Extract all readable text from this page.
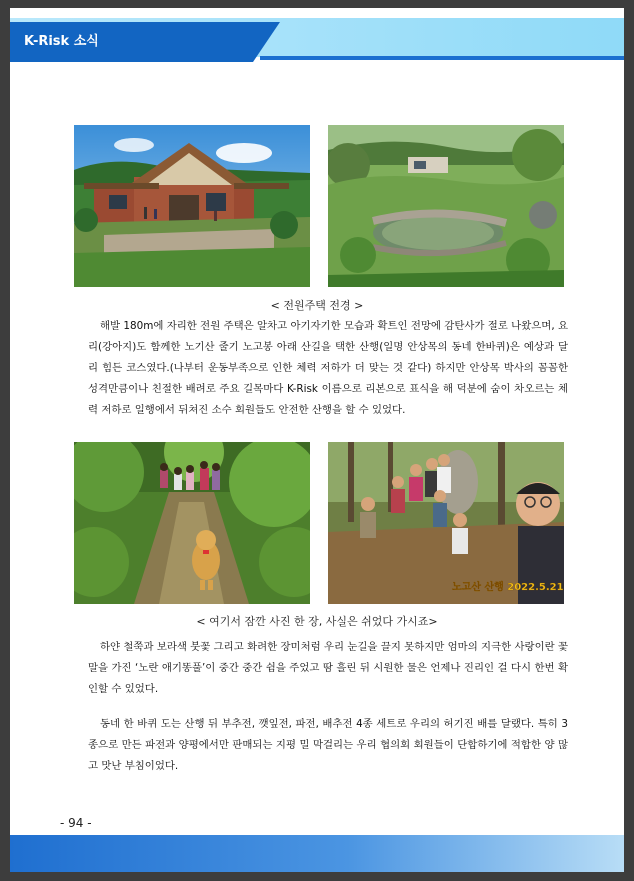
K-Risk 소식
< 전원주택 전경 >
해발 180m에 자리한 전원 주택은 알차고 아기자기한 모습과 확트인 전망에 감탄사가 절로 나왔으며, 요리(강아지)도 함께한 노기산 줄기 노고봉 아래 산길을 택한 산행(일명 안상목의 동네 한바퀴)은 예상과 달리 힘든 코스였다.(나부터 운동부족으로 인한 체력 저하가 더 맞는 것 같다) 하지만 안상목 박사의 꼼꼼한 성격만큼이나 친절한 배려로 주요 길목마다 K-Risk 이름으로 리본으로 표식을 해 덕분에 숨이 차오르는 체력 저하로 일행에서 뒤쳐진 소수 회원들도 안전한 산행을 할 수 있었다.
노고산 산행 2022.5.21
< 여기서 잠깐 사진 한 장, 사실은 쉬었다 가시죠>
하얀 철쭉과 보라색 붓꽃 그리고 화려한 장미처럼 우리 눈길을 끌지 못하지만 엄마의 지극한 사랑이란 꽃말을 가진 ‘노란 애기똥풀’이 중간 중간 쉼을 주었고 땀 흘린 뒤 시원한 물은 언제나 진리인 걸 다시 한번 확인할 수 있었다.
동네 한 바퀴 도는 산행 뒤 부추전, 깻잎전, 파전, 배추전 4종 세트로 우리의 허기진 배를 달랬다. 특히 3종으로 만든 파전과 양평에서만 판매되는 지평 밀 막걸리는 우리 협의회 회원들이 단합하기에 적합한 양 많고 맛난 부침이었다.
- 94 -
